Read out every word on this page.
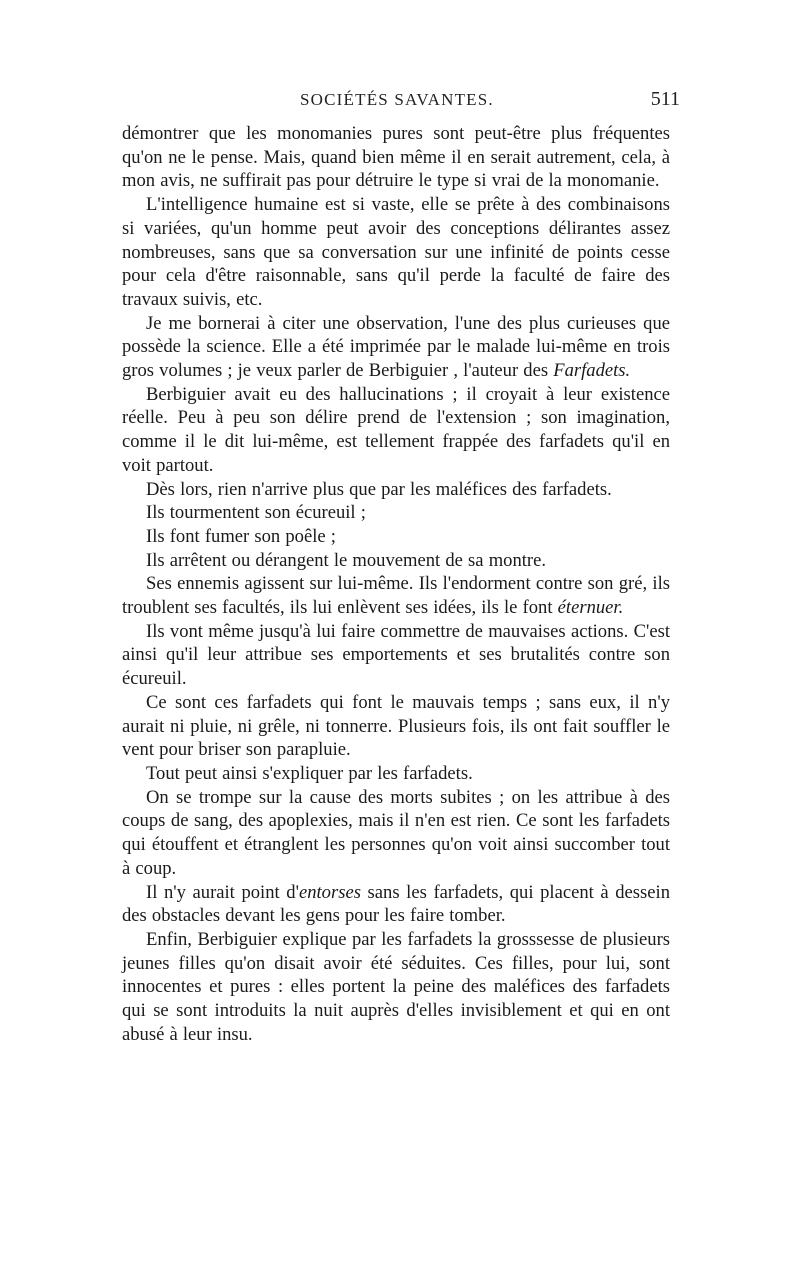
SOCIÉTÉS SAVANTES.	511

démontrer que les monomanies pures sont peut-être plus fréquentes qu'on ne le pense. Mais, quand bien même il en serait autrement, cela, à mon avis, ne suffirait pas pour détruire le type si vrai de la monomanie.

L'intelligence humaine est si vaste, elle se prête à des combinaisons si variées, qu'un homme peut avoir des conceptions délirantes assez nombreuses, sans que sa conversation sur une infinité de points cesse pour cela d'être raisonnable, sans qu'il perde la faculté de faire des travaux suivis, etc.

Je me bornerai à citer une observation, l'une des plus curieuses que possède la science. Elle a été imprimée par le malade lui-même en trois gros volumes ; je veux parler de Berbiguier , l'auteur des Farfadets.

Berbiguier avait eu des hallucinations ; il croyait à leur existence réelle. Peu à peu son délire prend de l'extension ; son imagination, comme il le dit lui-même, est tellement frappée des farfadets qu'il en voit partout.

Dès lors, rien n'arrive plus que par les maléfices des farfadets.

Ils tourmentent son écureuil ;

Ils font fumer son poêle ;

Ils arrêtent ou dérangent le mouvement de sa montre.

Ses ennemis agissent sur lui-même. Ils l'endorment contre son gré, ils troublent ses facultés, ils lui enlèvent ses idées, ils le font éternuer.

Ils vont même jusqu'à lui faire commettre de mauvaises actions. C'est ainsi qu'il leur attribue ses emportements et ses brutalités contre son écureuil.

Ce sont ces farfadets qui font le mauvais temps ; sans eux, il n'y aurait ni pluie, ni grêle, ni tonnerre. Plusieurs fois, ils ont fait souffler le vent pour briser son parapluie.

Tout peut ainsi s'expliquer par les farfadets.

On se trompe sur la cause des morts subites ; on les attribue à des coups de sang, des apoplexies, mais il n'en est rien. Ce sont les farfadets qui étouffent et étranglent les personnes qu'on voit ainsi succomber tout à coup.

Il n'y aurait point d'entorses sans les farfadets, qui placent à dessein des obstacles devant les gens pour les faire tomber.

Enfin, Berbiguier explique par les farfadets la grosssesse de plusieurs jeunes filles qu'on disait avoir été séduites. Ces filles, pour lui, sont innocentes et pures : elles portent la peine des maléfices des farfadets qui se sont introduits la nuit auprès d'elles invisiblement et qui en ont abusé à leur insu.
